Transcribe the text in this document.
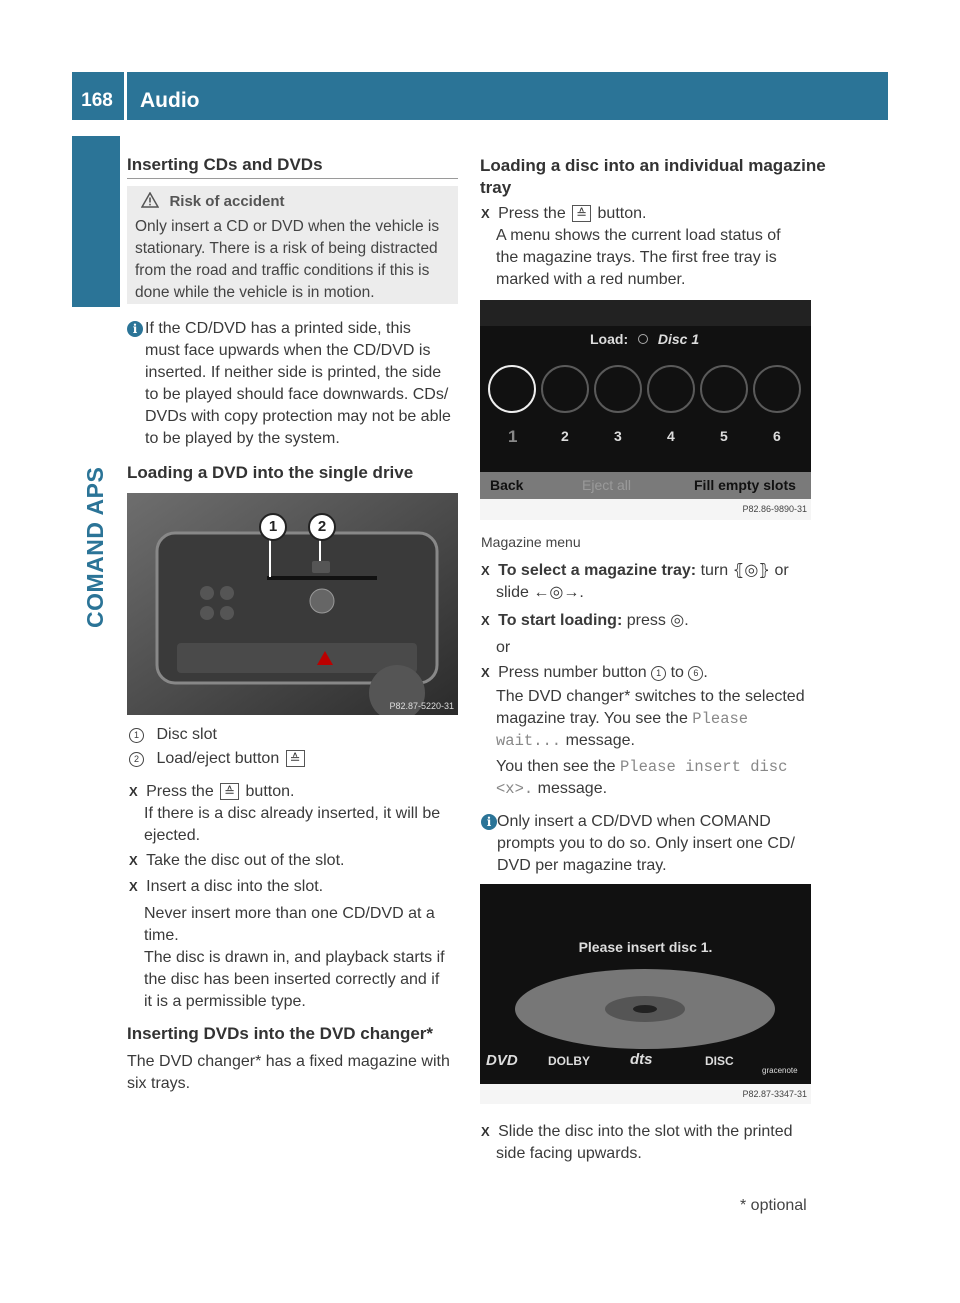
168	Audio
COMAND APS
Inserting CDs and DVDs
Risk of accident
Only insert a CD or DVD when the vehicle is
stationary. There is a risk of being distracted
from the road and traffic conditions if this is
done while the vehicle is in motion.
i If the CD/DVD has a printed side, this

must face upwards when the CD/DVD is

inserted. If neither side is printed, the side

to be played should face downwards. CDs/

DVDs with copy protection may not be able

to be played by the system.

Loading a DVD into the single drive
1	2
P82.87-5220-31
1 Disc slot
2 Load/eject button ≙
X Press the ≙ button.

If there is a disc already inserted, it will be

ejected.

X Take the disc out of the slot.
X Insert a disc into the slot.

Never insert more than one CD/DVD at a

time.

The disc is drawn in, and playback starts if

the disc has been inserted correctly and if

it is a permissible type.

Inserting DVDs into the DVD changer*

The DVD changer* has a fixed magazine with

six trays.

Loading a disc into an individual magazine
tray
X Press the ≙ button.

A menu shows the current load status of

the magazine trays. The first free tray is

marked with a red number.

Load: Disc 1
1	2	3	4	5	6
Back	Eject all	Fill empty slots
P82.86-9890-31
Magazine menu
X To select a magazine tray: turn ⦃◎⦄ or

slide ←◎→.

X To start loading: press ◎.
or
X Press number button 1 to 6 .

The DVD changer* switches to the selected

magazine tray. You see the Please

wait... message.

You then see the Please insert disc

<x>. message.

i Only insert a CD/DVD when COMAND

prompts you to do so. Only insert one CD/

DVD per magazine tray.

Please insert disc 1.
DVD	DOLBY	dts	DISC
gracenote
P82.87-3347-31
X Slide the disc into the slot with the printed

side facing upwards.

* optional
